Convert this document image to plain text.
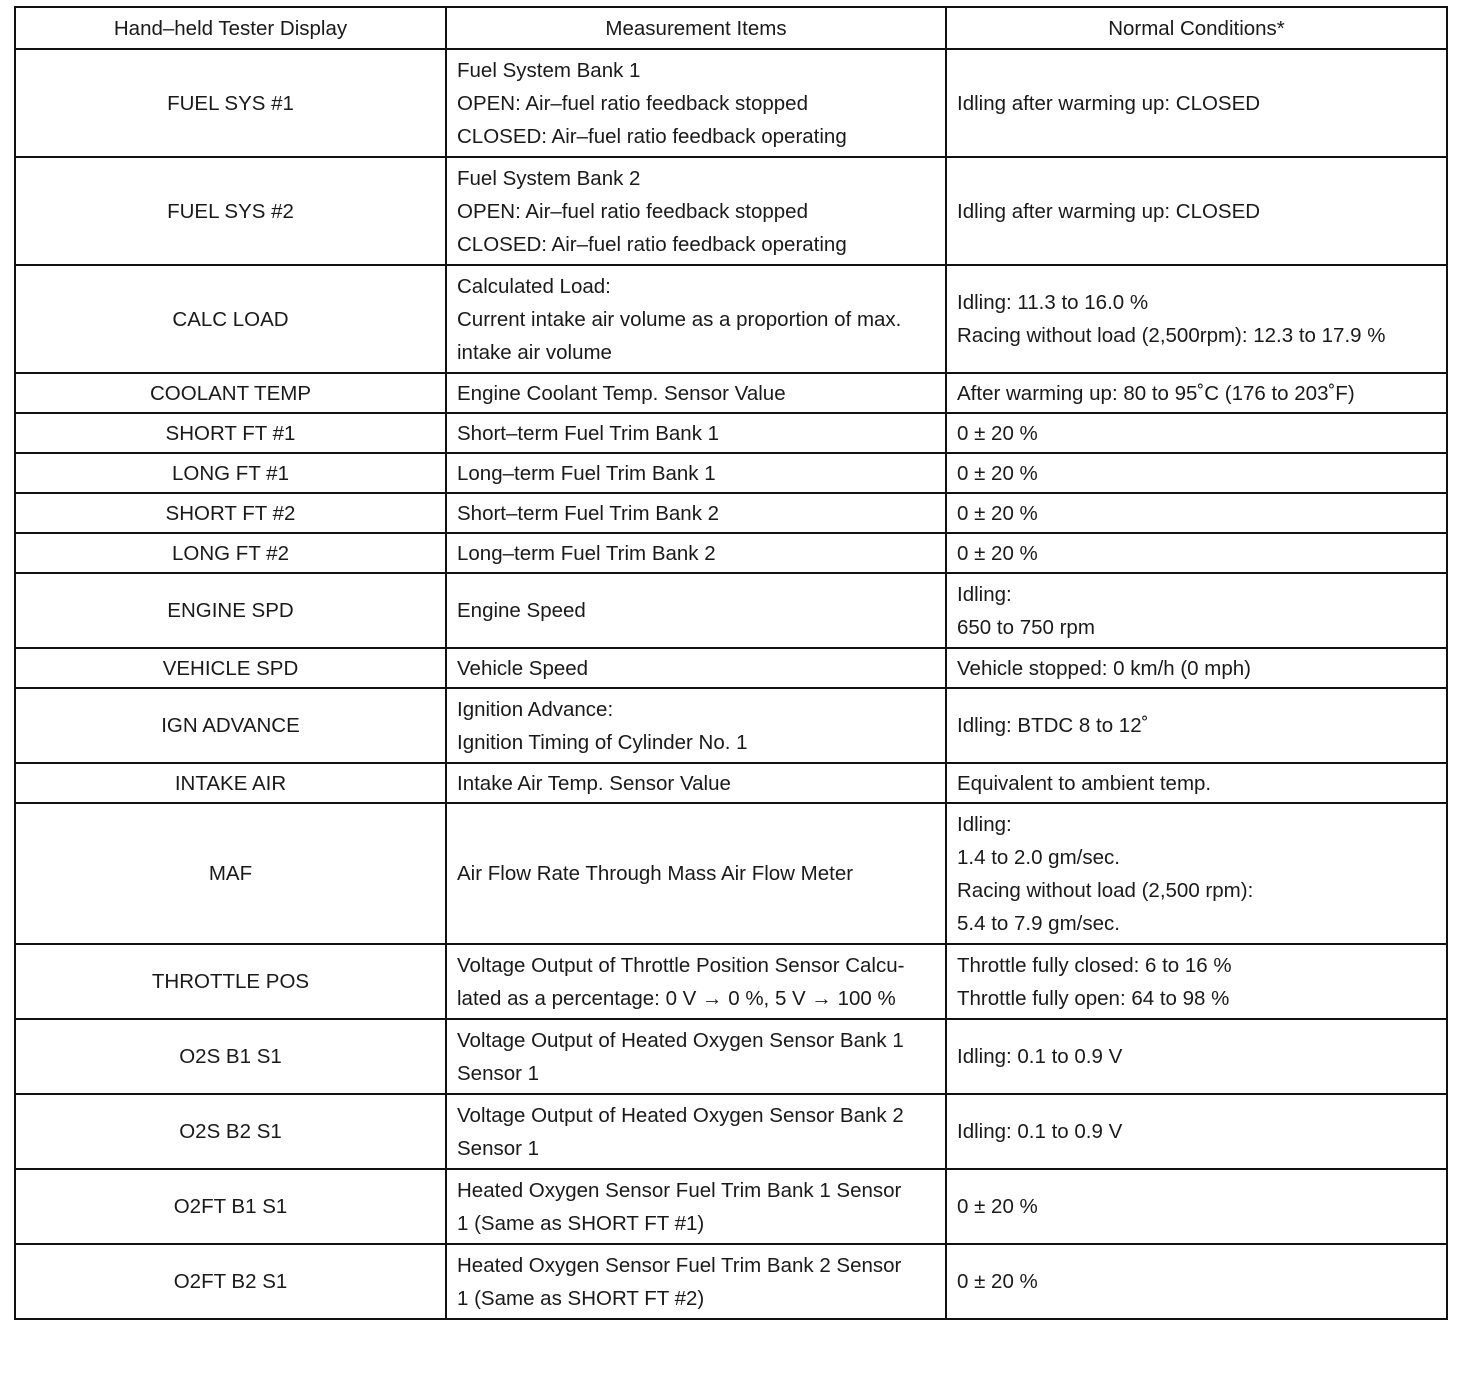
Hand–held Tester Display	Measurement Items	Normal Conditions*
FUEL SYS #1	Fuel System Bank 1
OPEN: Air–fuel ratio feedback stopped
CLOSED: Air–fuel ratio feedback operating	Idling after warming up: CLOSED

FUEL SYS #2	Fuel System Bank 2
OPEN: Air–fuel ratio feedback stopped
CLOSED: Air–fuel ratio feedback operating	Idling after warming up: CLOSED

CALC LOAD	Calculated Load:
Current intake air volume as a proportion of max.
intake air volume	Idling: 11.3 to 16.0 %
Racing without load (2,500rpm): 12.3 to 17.9 %

COOLANT TEMP	Engine Coolant Temp. Sensor Value	After warming up: 80 to 95˚C (176 to 203˚F)

SHORT FT #1	Short–term Fuel Trim Bank 1	0 ± 20 %

LONG FT #1	Long–term Fuel Trim Bank 1	0 ± 20 %

SHORT FT #2	Short–term Fuel Trim Bank 2	0 ± 20 %

LONG FT #2	Long–term Fuel Trim Bank 2	0 ± 20 %

ENGINE SPD	Engine Speed	Idling:
650 to 750 rpm

VEHICLE SPD	Vehicle Speed	Vehicle stopped: 0 km/h (0 mph)

IGN ADVANCE	Ignition Advance:
Ignition Timing of Cylinder No. 1	Idling: BTDC 8 to 12˚

INTAKE AIR	Intake Air Temp. Sensor Value	Equivalent to ambient temp.

MAF	Air Flow Rate Through Mass Air Flow Meter	Idling:
1.4 to 2.0 gm/sec.
Racing without load (2,500 rpm):
5.4 to 7.9 gm/sec.

THROTTLE POS	Voltage Output of Throttle Position Sensor Calcu-
lated as a percentage: 0 V → 0 %, 5 V → 100 %	Throttle fully closed: 6 to 16 %
Throttle fully open: 64 to 98 %

O2S B1 S1	Voltage Output of Heated Oxygen Sensor Bank 1
Sensor 1	Idling: 0.1 to 0.9 V

O2S B2 S1	Voltage Output of Heated Oxygen Sensor Bank 2
Sensor 1	Idling: 0.1 to 0.9 V

O2FT B1 S1	Heated Oxygen Sensor Fuel Trim Bank 1 Sensor
1 (Same as SHORT FT #1)	0 ± 20 %

O2FT B2 S1	Heated Oxygen Sensor Fuel Trim Bank 2 Sensor
1 (Same as SHORT FT #2)	0 ± 20 %
